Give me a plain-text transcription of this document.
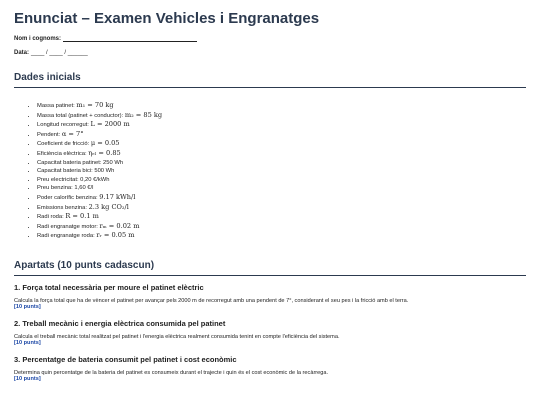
Enunciat – Examen Vehicles i Engranatges
Nom i cognoms:
Data: ____ / ____ / ______
Dades inicials
• Massa patinet: m₁ = 70 kg
• Massa total (patinet + conductor): m₂ = 85 kg
• Longitud recorregut: L = 2000 m
• Pendent: α = 7°
• Coeficient de fricció: μ = 0.05
• Eficiència elèctrica: ηₑₗ = 0.85
• Capacitat bateria patinet: 250 Wh
• Capacitat bateria bici: 500 Wh
• Preu electricitat: 0,20 €/kWh
• Preu benzina: 1,60 €/l
• Poder calorífic benzina: 9.17 kWh/l
• Emissions benzina: 2.3 kg CO₂/l
• Radi roda: R = 0.1 m
• Radi engranatge motor: rₘ = 0.02 m
• Radi engranatge roda: rᵣ = 0.05 m
Apartats (10 punts cadascun)
1. Força total necessària per moure el patinet elèctric

Calcula la força total que ha de vèncer el patinet per avançar pels 2000 m de recorregut amb una pendent de 7°, considerant el seu pes i la fricció amb el terra.

[10 punts]
2. Treball mecànic i energia elèctrica consumida pel patinet

Calcula el treball mecànic total realitzat pel patinet i l'energia elèctrica realment consumida tenint en compte l'eficiència del sistema.

[10 punts]
3. Percentatge de bateria consumit pel patinet i cost econòmic

Determina quin percentatge de la bateria del patinet es consumeix durant el trajecte i quin és el cost econòmic de la recàrrega.

[10 punts]
